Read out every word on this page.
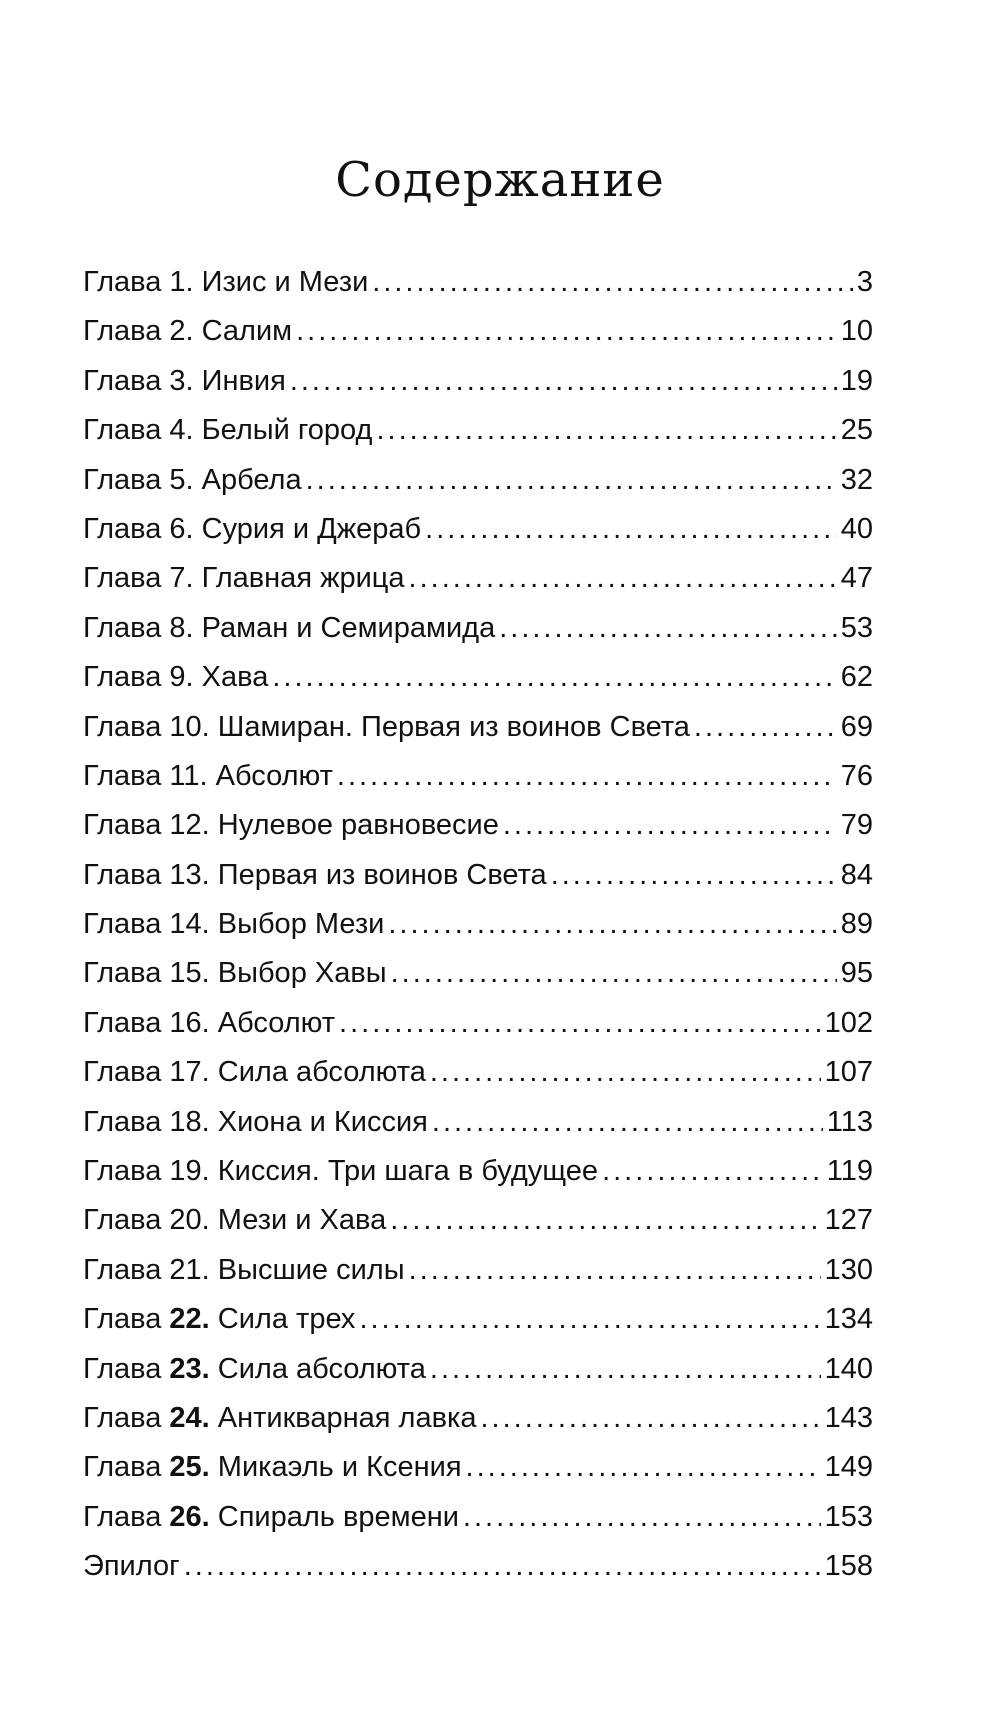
Содержание
Глава 1. Изис и Мези .....	3
Глава 2. Салим .....	10
Глава 3. Инвия .....	19
Глава 4. Белый город .....	25
Глава 5. Арбела .....	32
Глава 6. Сурия и Джераб .....	40
Глава 7. Главная жрица .....	47
Глава 8. Раман и Семирамида .....	53
Глава 9. Хава .....	62
Глава 10. Шамиран. Первая из воинов Света .....	69
Глава 11. Абсолют .....	76
Глава 12. Нулевое равновесие .....	79
Глава 13. Первая из воинов Света .....	84
Глава 14. Выбор Мези .....	89
Глава 15. Выбор Хавы .....	95
Глава 16. Абсолют .....	102
Глава 17. Сила абсолюта .....	107
Глава 18. Хиона и Киссия .....	113
Глава 19. Киссия. Три шага в будущее .....	119
Глава 20. Мези и Хава .....	127
Глава 21. Высшие силы .....	130
Глава 22. Сила трех .....	134
Глава 23. Сила абсолюта .....	140
Глава 24. Антикварная лавка .....	143
Глава 25. Микаэль и Ксения .....	149
Глава 26. Спираль времени .....	153
Эпилог .....	158
